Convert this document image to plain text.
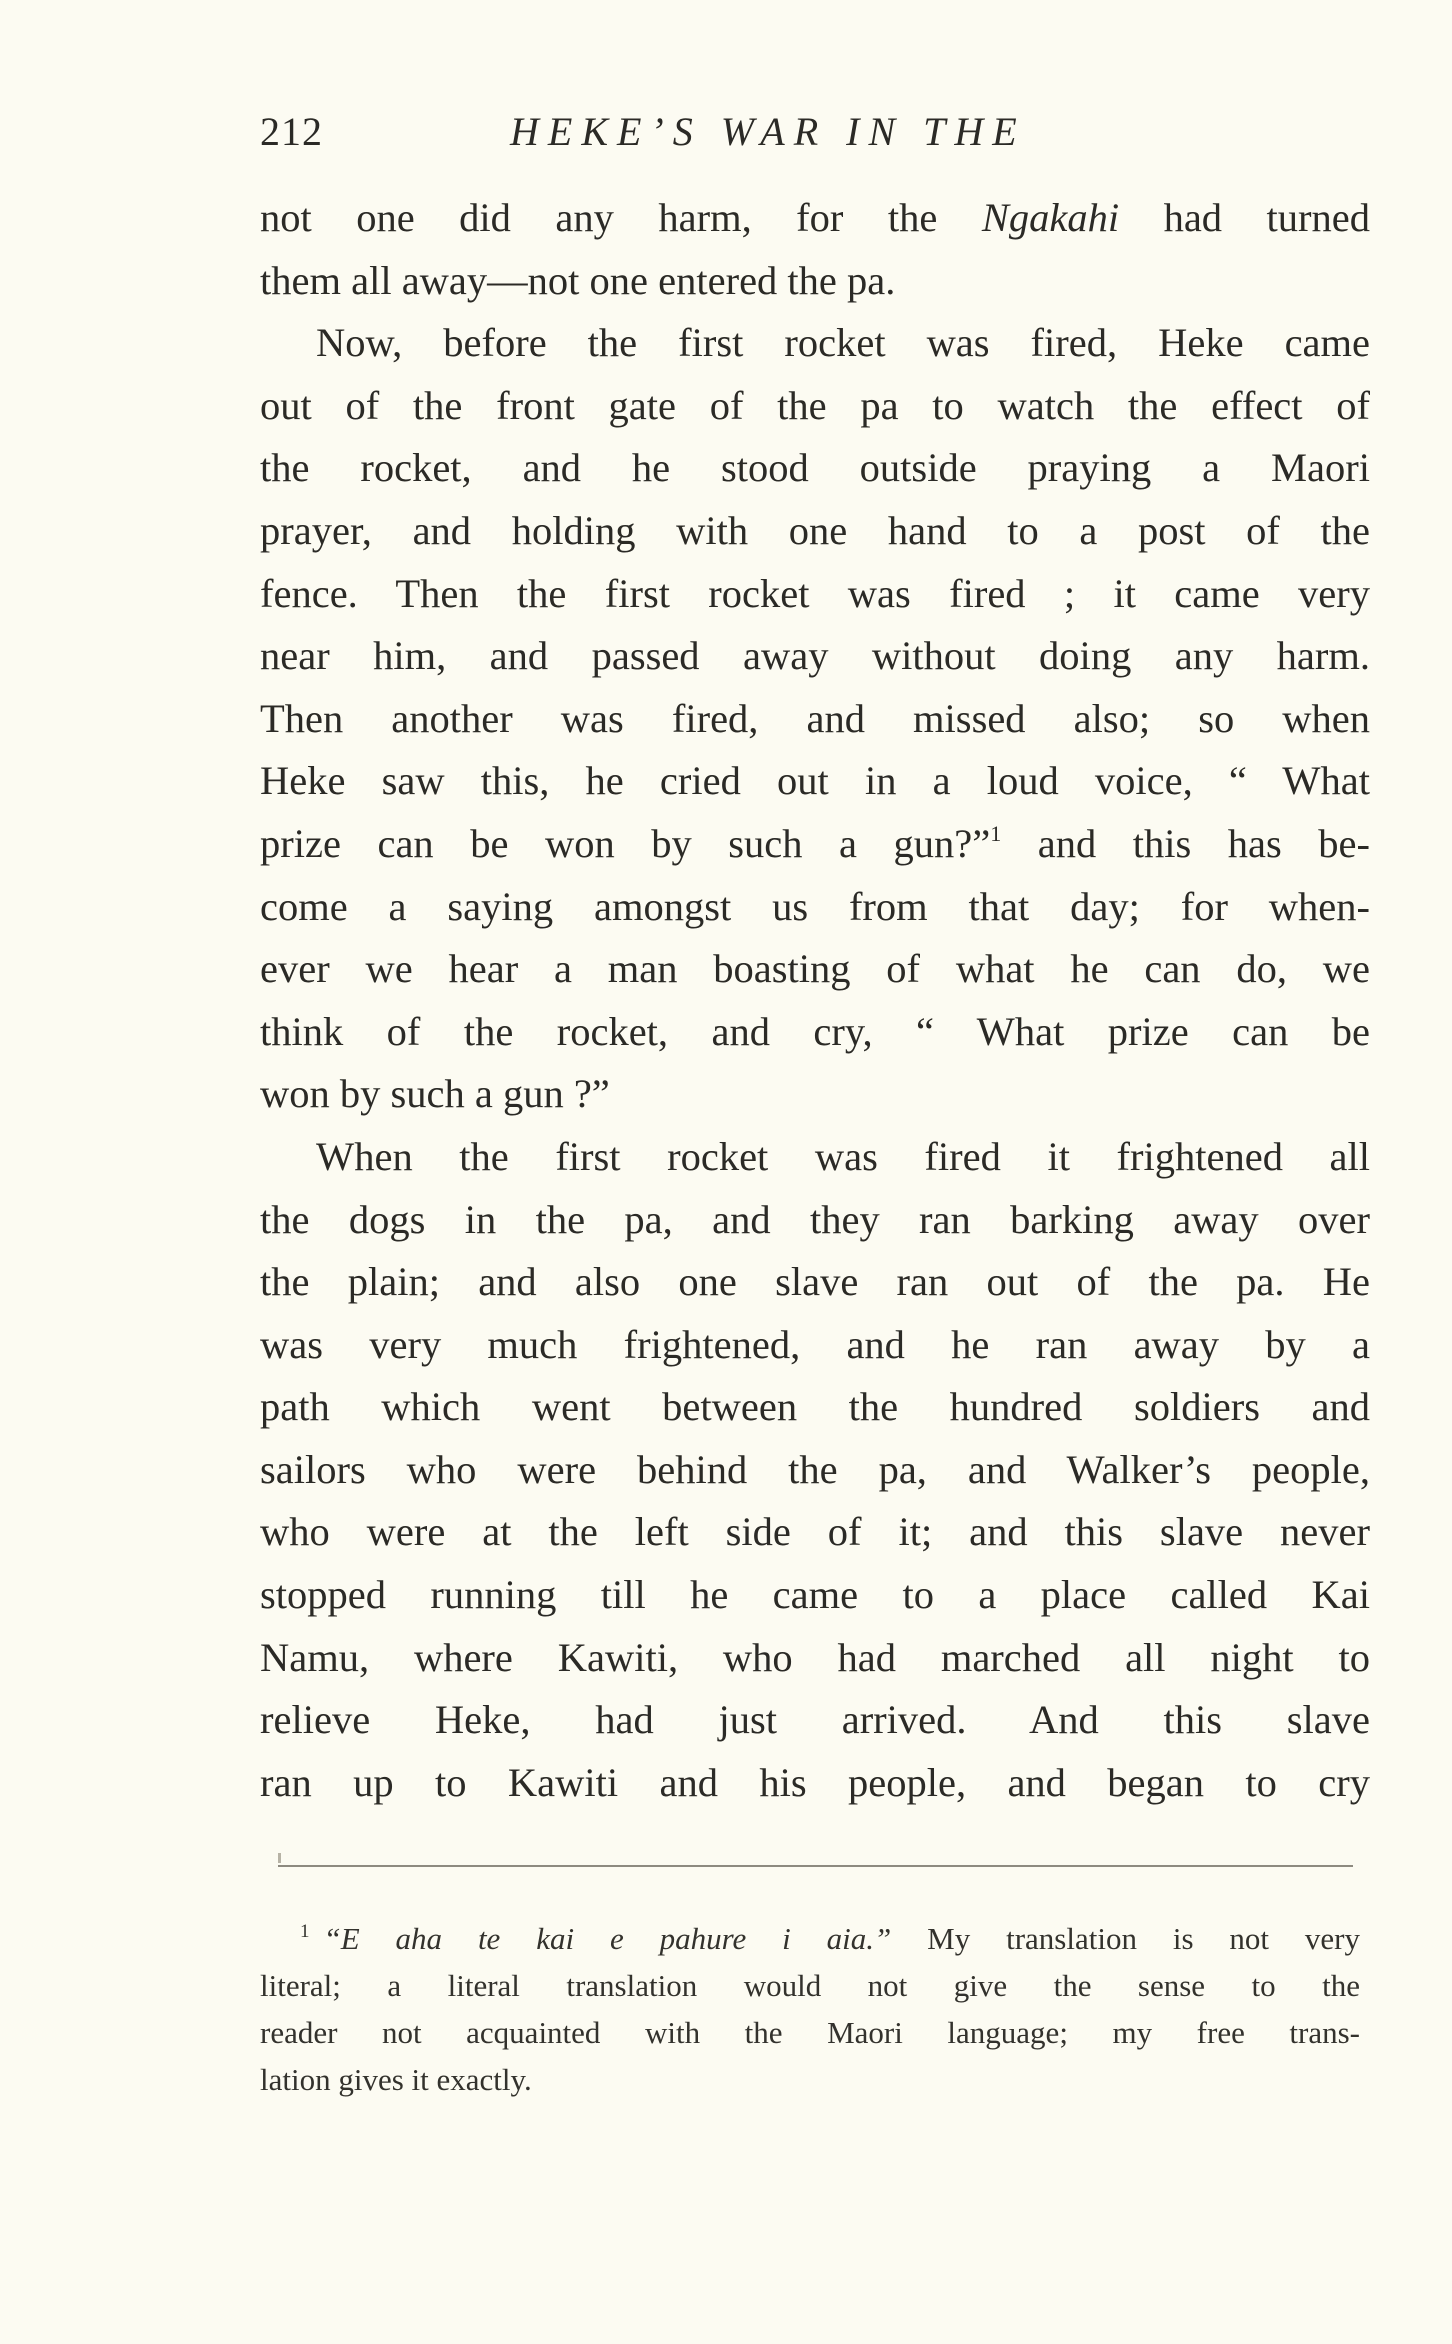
212	HEKE’S WAR IN THE
not one did any harm, for the Ngakahi had turned
them all away—not one entered the pa.
Now, before the first rocket was fired, Heke came
out of the front gate of the pa to watch the effect of
the rocket, and he stood outside praying a Maori
prayer, and holding with one hand to a post of the
fence. Then the first rocket was fired ; it came very
near him, and passed away without doing any harm.
Then another was fired, and missed also; so when
Heke saw this, he cried out in a loud voice, “ What
prize can be won by such a gun?”$^1$ and this has be-
come a saying amongst us from that day; for when-
ever we hear a man boasting of what he can do, we
think of the rocket, and cry, “ What prize can be
won by such a gun ?”
When the first rocket was fired it frightened all
the dogs in the pa, and they ran barking away over
the plain; and also one slave ran out of the pa. He
was very much frightened, and he ran away by a
path which went between the hundred soldiers and
sailors who were behind the pa, and Walker’s people,
who were at the left side of it; and this slave never
stopped running till he came to a place called Kai
Namu, where Kawiti, who had marched all night to
relieve Heke, had just arrived. And this slave
ran up to Kawiti and his people, and began to cry
$^1$ “E aha te kai e pahure i aia.” My translation is not very
literal; a literal translation would not give the sense to the
reader not acquainted with the Maori language; my free trans-
lation gives it exactly.
